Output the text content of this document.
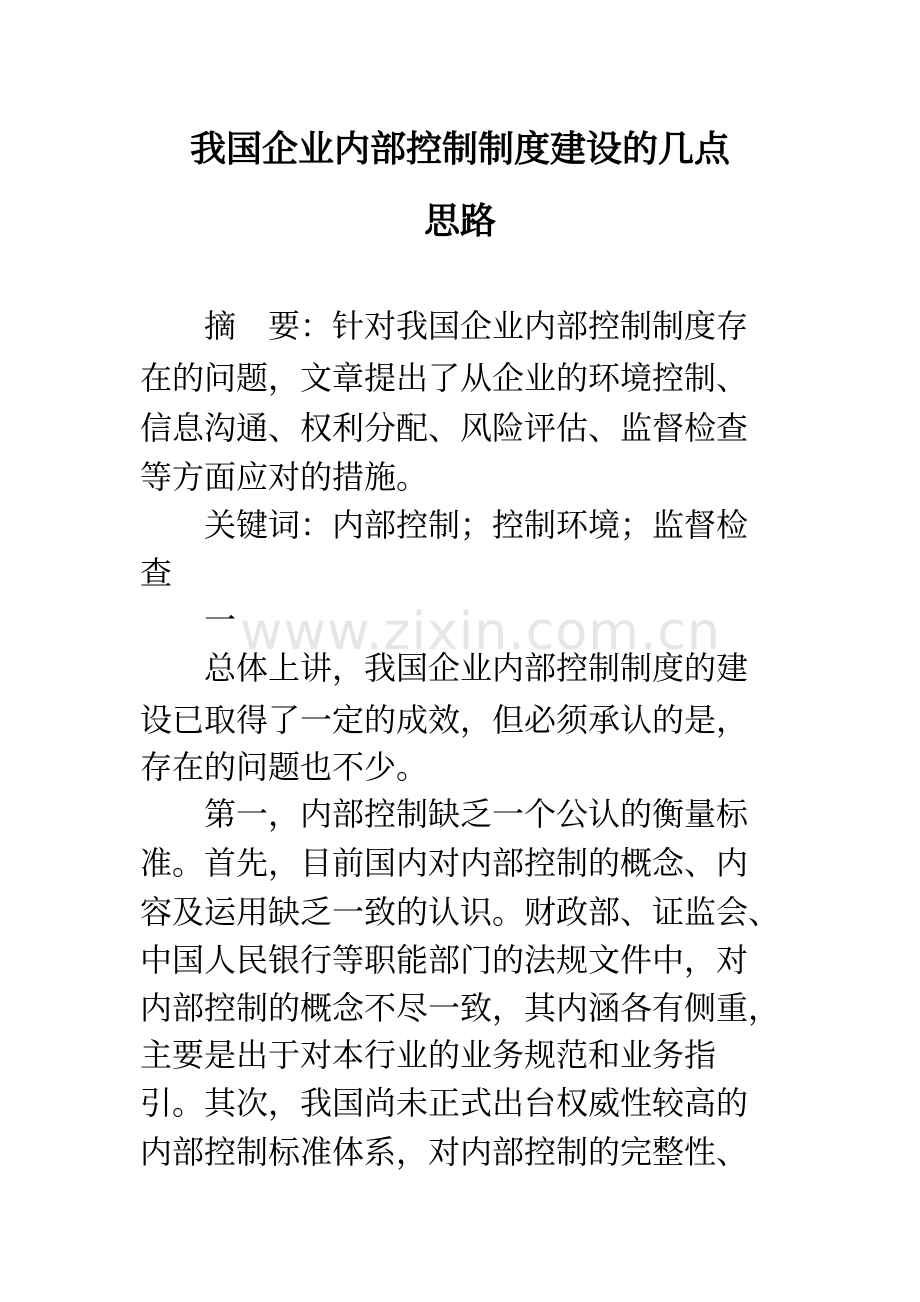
www.zixin.com.cn
我国企业内部控制制度建设的几点
思路
　　摘　要：针对我国企业内部控制制度存
在的问题，文章提出了从企业的环境控制、
信息沟通、权利分配、风险评估、监督检查
等方面应对的措施。
　　关键词：内部控制；控制环境；监督检
查
　　一
　　总体上讲，我国企业内部控制制度的建
设已取得了一定的成效，但必须承认的是，
存在的问题也不少。
　　第一，内部控制缺乏一个公认的衡量标
准。首先，目前国内对内部控制的概念、内
容及运用缺乏一致的认识。财政部、证监会、
中国人民银行等职能部门的法规文件中，对
内部控制的概念不尽一致，其内涵各有侧重，
主要是出于对本行业的业务规范和业务指
引。其次，我国尚未正式出台权威性较高的
内部控制标准体系，对内部控制的完整性、
